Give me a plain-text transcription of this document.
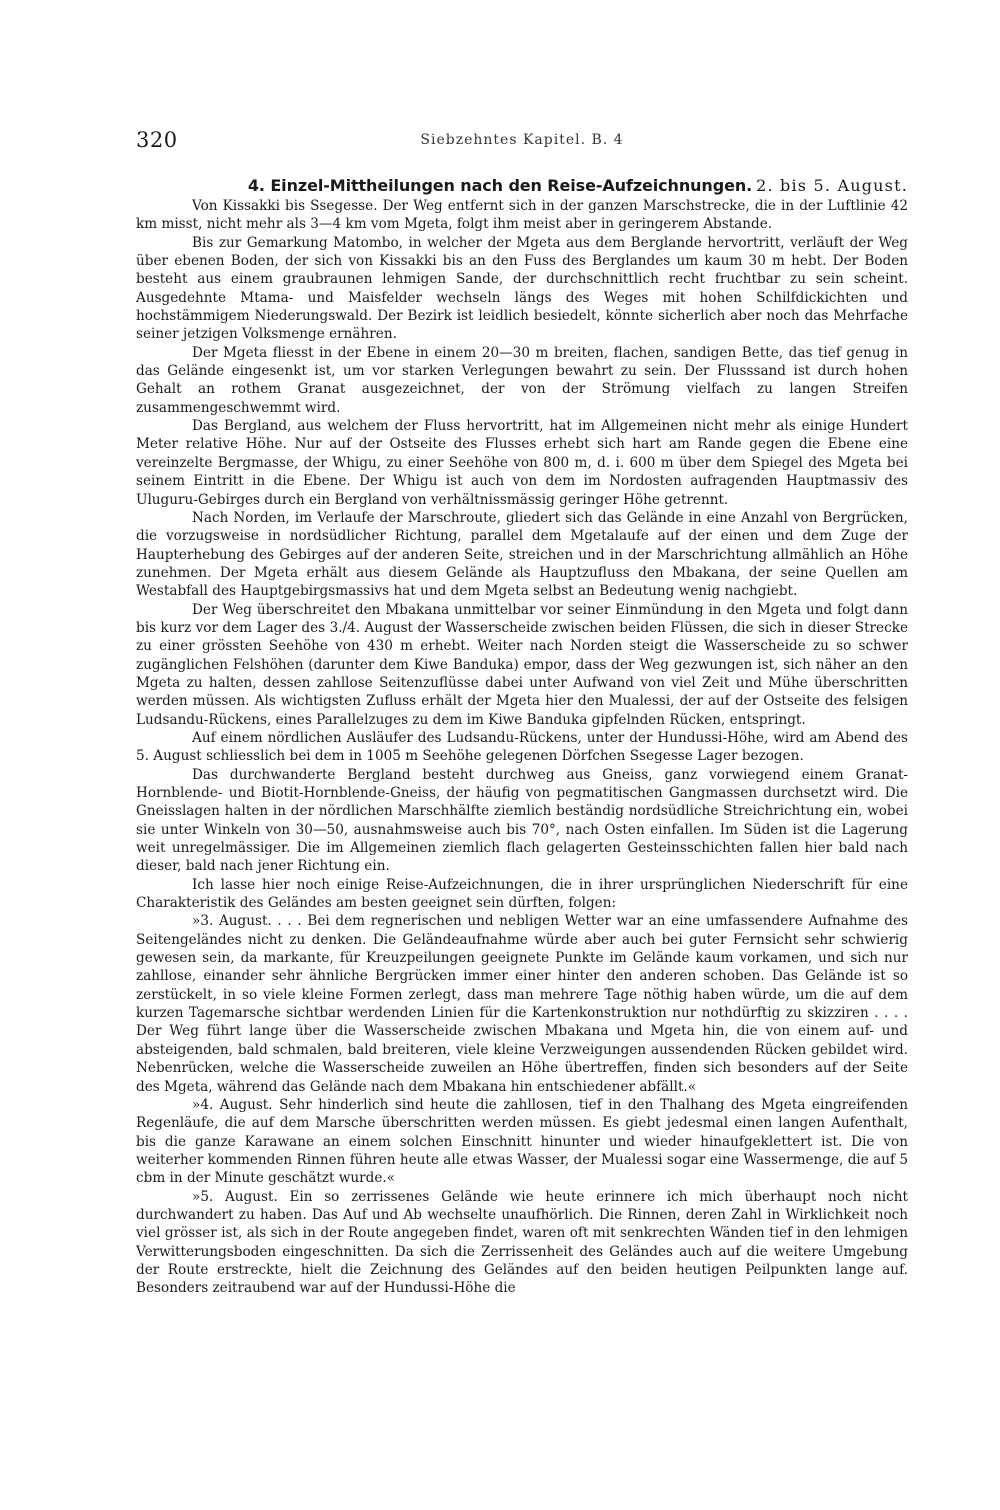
320	Siebzehntes Kapitel. B. 4
4. Einzel-Mittheilungen nach den Reise-Aufzeichnungen. 2. bis 5. August.

Von Kissakki bis Ssegesse. Der Weg entfernt sich in der ganzen Marschstrecke, die in der Luftlinie 42 km misst, nicht mehr als 3—4 km vom Mgeta, folgt ihm meist aber in geringerem Abstande.

Bis zur Gemarkung Matombo, in welcher der Mgeta aus dem Berglande hervortritt, verläuft der Weg über ebenen Boden, der sich von Kissakki bis an den Fuss des Berglandes um kaum 30 m hebt. Der Boden besteht aus einem graubraunen lehmigen Sande, der durchschnittlich recht fruchtbar zu sein scheint. Ausgedehnte Mtama- und Maisfelder wechseln längs des Weges mit hohen Schilfdickichten und hochstämmigem Niederungswald. Der Bezirk ist leidlich besiedelt, könnte sicherlich aber noch das Mehrfache seiner jetzigen Volksmenge ernähren.

Der Mgeta fliesst in der Ebene in einem 20—30 m breiten, flachen, sandigen Bette, das tief genug in das Gelände eingesenkt ist, um vor starken Verlegungen bewahrt zu sein. Der Flusssand ist durch hohen Gehalt an rothem Granat ausgezeichnet, der von der Strömung vielfach zu langen Streifen zusammengeschwemmt wird.

Das Bergland, aus welchem der Fluss hervortritt, hat im Allgemeinen nicht mehr als einige Hundert Meter relative Höhe. Nur auf der Ostseite des Flusses erhebt sich hart am Rande gegen die Ebene eine vereinzelte Bergmasse, der Whigu, zu einer Seehöhe von 800 m, d. i. 600 m über dem Spiegel des Mgeta bei seinem Eintritt in die Ebene. Der Whigu ist auch von dem im Nordosten aufragenden Hauptmassiv des Uluguru-Gebirges durch ein Bergland von verhältnissmässig geringer Höhe getrennt.

Nach Norden, im Verlaufe der Marschroute, gliedert sich das Gelände in eine Anzahl von Bergrücken, die vorzugsweise in nordsüdlicher Richtung, parallel dem Mgetalaufe auf der einen und dem Zuge der Haupterhebung des Gebirges auf der anderen Seite, streichen und in der Marschrichtung allmählich an Höhe zunehmen. Der Mgeta erhält aus diesem Gelände als Hauptzufluss den Mbakana, der seine Quellen am Westabfall des Hauptgebirgsmassivs hat und dem Mgeta selbst an Bedeutung wenig nachgiebt.

Der Weg überschreitet den Mbakana unmittelbar vor seiner Einmündung in den Mgeta und folgt dann bis kurz vor dem Lager des 3./4. August der Wasserscheide zwischen beiden Flüssen, die sich in dieser Strecke zu einer grössten Seehöhe von 430 m erhebt. Weiter nach Norden steigt die Wasserscheide zu so schwer zugänglichen Felshöhen (darunter dem Kiwe Banduka) empor, dass der Weg gezwungen ist, sich näher an den Mgeta zu halten, dessen zahllose Seitenzuflüsse dabei unter Aufwand von viel Zeit und Mühe überschritten werden müssen. Als wichtigsten Zufluss erhält der Mgeta hier den Mualessi, der auf der Ostseite des felsigen Ludsandu-Rückens, eines Parallelzuges zu dem im Kiwe Banduka gipfelnden Rücken, entspringt.

Auf einem nördlichen Ausläufer des Ludsandu-Rückens, unter der Hundussi-Höhe, wird am Abend des 5. August schliesslich bei dem in 1005 m Seehöhe gelegenen Dörfchen Ssegesse Lager bezogen.

Das durchwanderte Bergland besteht durchweg aus Gneiss, ganz vorwiegend einem Granat-Hornblende- und Biotit-Hornblende-Gneiss, der häufig von pegmatitischen Gangmassen durchsetzt wird. Die Gneisslagen halten in der nördlichen Marschhälfte ziemlich beständig nordsüdliche Streichrichtung ein, wobei sie unter Winkeln von 30—50, ausnahmsweise auch bis 70°, nach Osten einfallen. Im Süden ist die Lagerung weit unregelmässiger. Die im Allgemeinen ziemlich flach gelagerten Gesteinsschichten fallen hier bald nach dieser, bald nach jener Richtung ein.

Ich lasse hier noch einige Reise-Aufzeichnungen, die in ihrer ursprünglichen Niederschrift für eine Charakteristik des Geländes am besten geeignet sein dürften, folgen:

»3. August. . . . Bei dem regnerischen und nebligen Wetter war an eine umfassendere Aufnahme des Seitengeländes nicht zu denken. Die Geländeaufnahme würde aber auch bei guter Fernsicht sehr schwierig gewesen sein, da markante, für Kreuzpeilungen geeignete Punkte im Gelände kaum vorkamen, und sich nur zahllose, einander sehr ähnliche Bergrücken immer einer hinter den anderen schoben. Das Gelände ist so zerstückelt, in so viele kleine Formen zerlegt, dass man mehrere Tage nöthig haben würde, um die auf dem kurzen Tagemarsche sichtbar werdenden Linien für die Kartenkonstruktion nur nothdürftig zu skizziren . . . . Der Weg führt lange über die Wasserscheide zwischen Mbakana und Mgeta hin, die von einem auf- und absteigenden, bald schmalen, bald breiteren, viele kleine Verzweigungen aussendenden Rücken gebildet wird. Nebenrücken, welche die Wasserscheide zuweilen an Höhe übertreffen, finden sich besonders auf der Seite des Mgeta, während das Gelände nach dem Mbakana hin entschiedener abfällt.«

»4. August. Sehr hinderlich sind heute die zahllosen, tief in den Thalhang des Mgeta eingreifenden Regenläufe, die auf dem Marsche überschritten werden müssen. Es giebt jedesmal einen langen Aufenthalt, bis die ganze Karawane an einem solchen Einschnitt hinunter und wieder hinaufgeklettert ist. Die von weiterher kommenden Rinnen führen heute alle etwas Wasser, der Mualessi sogar eine Wassermenge, die auf 5 cbm in der Minute geschätzt wurde.«

»5. August. Ein so zerrissenes Gelände wie heute erinnere ich mich überhaupt noch nicht durchwandert zu haben. Das Auf und Ab wechselte unaufhörlich. Die Rinnen, deren Zahl in Wirklichkeit noch viel grösser ist, als sich in der Route angegeben findet, waren oft mit senkrechten Wänden tief in den lehmigen Verwitterungsboden eingeschnitten. Da sich die Zerrissenheit des Geländes auch auf die weitere Umgebung der Route erstreckte, hielt die Zeichnung des Geländes auf den beiden heutigen Peilpunkten lange auf. Besonders zeitraubend war auf der Hundussi-Höhe die
